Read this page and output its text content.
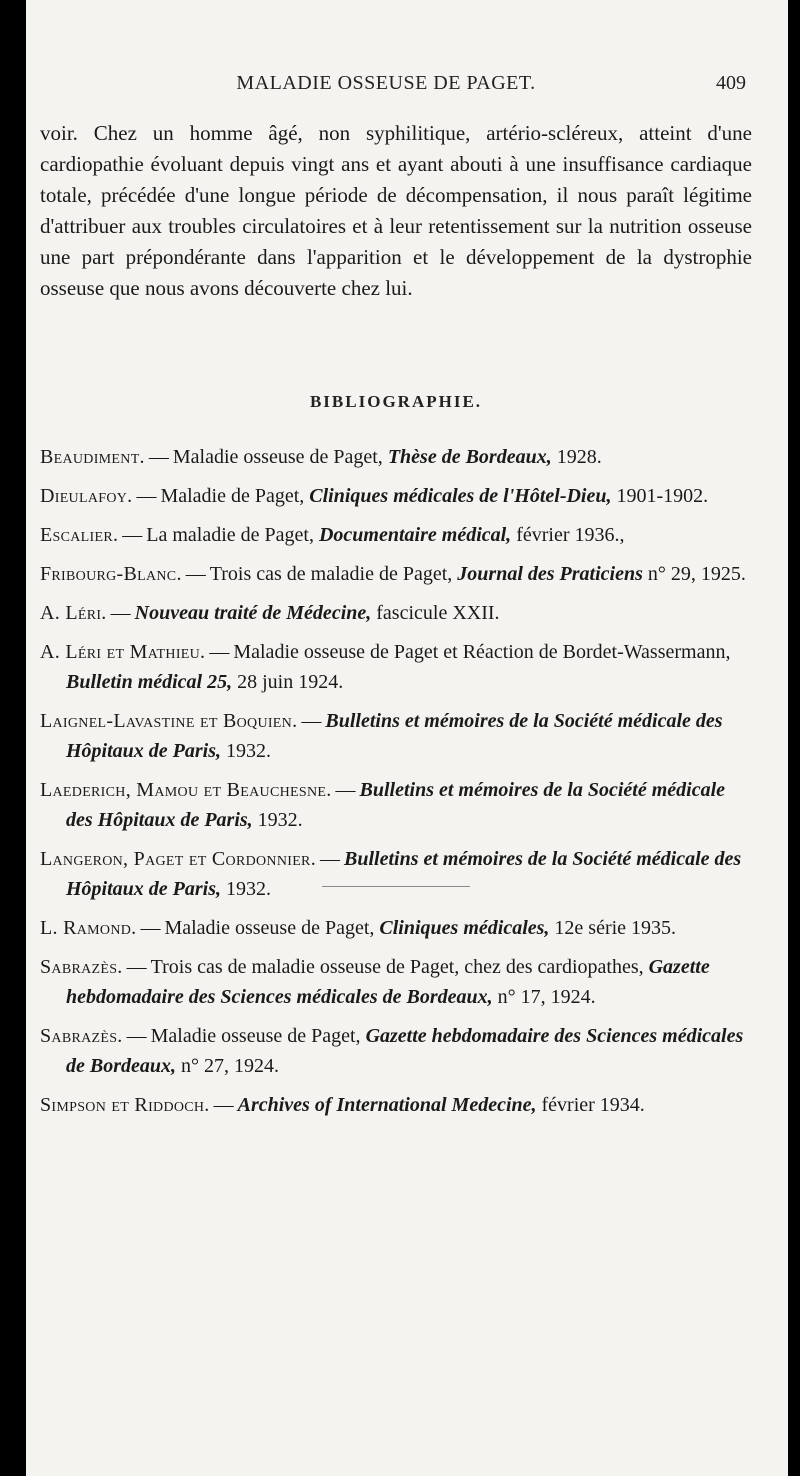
MALADIE OSSEUSE DE PAGET.	409

voir. Chez un homme âgé, non syphilitique, artério-scléreux, atteint d'une cardiopathie évoluant depuis vingt ans et ayant abouti à une insuffisance cardiaque totale, précédée d'une longue période de décompensation, il nous paraît légitime d'attribuer aux troubles circulatoires et à leur retentissement sur la nutrition osseuse une part prépondérante dans l'apparition et le développement de la dystrophie osseuse que nous avons découverte chez lui.

BIBLIOGRAPHIE.
Beaudiment. — Maladie osseuse de Paget, Thèse de Bordeaux, 1928.
Dieulafoy. — Maladie de Paget, Cliniques médicales de l'Hôtel-Dieu, 1901-1902.
Escalier. — La maladie de Paget, Documentaire médical, février 1936.,
Fribourg-Blanc. — Trois cas de maladie de Paget, Journal des Praticiens n° 29, 1925.
A. Léri. — Nouveau traité de Médecine, fascicule XXII.
A. Léri et Mathieu. — Maladie osseuse de Paget et Réaction de Bordet-Wassermann, Bulletin médical 25, 28 juin 1924.
Laignel-Lavastine et Boquien. — Bulletins et mémoires de la Société médicale des Hôpitaux de Paris, 1932.
Laederich, Mamou et Beauchesne. — Bulletins et mémoires de la Société médicale des Hôpitaux de Paris, 1932.
Langeron, Paget et Cordonnier. — Bulletins et mémoires de la Société médicale des Hôpitaux de Paris, 1932.
L. Ramond. — Maladie osseuse de Paget, Cliniques médicales, 12e série 1935.
Sabrazès. — Trois cas de maladie osseuse de Paget, chez des cardiopathes, Gazette hebdomadaire des Sciences médicales de Bordeaux, n° 17, 1924.
Sabrazès. — Maladie osseuse de Paget, Gazette hebdomadaire des Sciences médicales de Bordeaux, n° 27, 1924.
Simpson et Riddoch. — Archives of International Medecine, février 1934.
